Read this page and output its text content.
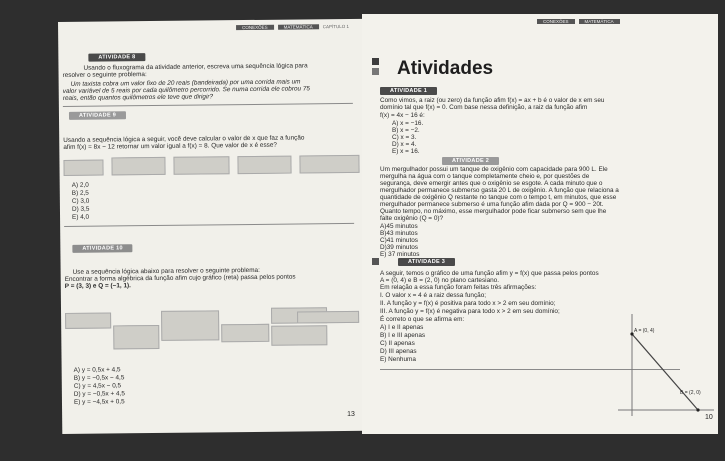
CONEXÕES	MATEMÁTICA CAPÍTULO 1
ATIVIDADE 8
Usando o fluxograma da atividade anterior, escreva uma sequência lógica para
resolver o seguinte problema:
Um taxista cobra um valor fixo de 20 reais (bandeirada) por uma corrida mais um
valor variável de 5 reais por cada quilômetro percorrido. Se numa corrida ele cobrou 75
reais, então quantos quilômetros ele teve que dirigir?
ATIVIDADE 9
Usando a sequência lógica a seguir, você deve calcular o valor de x que faz a função
afim f(x) = 8x − 12 retornar um valor igual a f(x) = 8. Que valor de x é esse?
A) 2,0
B) 2,5
C) 3,0
D) 3,5
E) 4,0
ATIVIDADE 10
Use a sequência lógica abaixo para resolver o seguinte problema:
Encontrar a forma algébrica da função afim cujo gráfico (reta) passa pelos pontos
P = (3, 3) e Q = (−1, 1).
A) y = 0,5x + 4,5
B) y = −0,5x − 4,5
C) y = 4,5x − 0,5
D) y = −0,5x + 4,5
E) y = −4,5x + 0,5
13
CONEXÕES	MATEMÁTICA
Atividades
ATIVIDADE 1
Como vimos, a raiz (ou zero) da função afim f(x) = ax + b é o valor de x em seu
domínio tal que f(x) = 0. Com base nessa definição, a raiz da função afim
f(x) = 4x − 16 é:
A) x = −16.
B) x = −2.
C) x = 3.
D) x = 4.
E) x = 16.
ATIVIDADE 2
Um mergulhador possui um tanque de oxigênio com capacidade para 900 L. Ele
mergulha na água com o tanque completamente cheio e, por questões de
segurança, deve emergir antes que o oxigênio se esgote. A cada minuto que o
mergulhador permanece submerso gasta 20 L de oxigênio. A função que relaciona a
quantidade de oxigênio Q restante no tanque com o tempo t, em minutos, que esse
mergulhador permanece submerso é uma função afim dada por Q = 900 − 20t.
Quanto tempo, no máximo, esse mergulhador pode ficar submerso sem que lhe
falte oxigênio (Q = 0)?
A)45 minutos
B)43 minutos
C)41 minutos
D)39 minutos
E) 37 minutos
ATIVIDADE 3
A seguir, temos o gráfico de uma função afim y = f(x) que passa pelos pontos
A = (0, 4) e B = (2, 0) no plano cartesiano.
Em relação a essa função foram feitas três afirmações:
I. O valor x = 4 é a raiz dessa função;
II. A função y = f(x) é positiva para todo x > 2 em seu domínio;
III. A função y = f(x) é negativa para todo x > 2 em seu domínio;
É correto o que se afirma em:
A) I e II apenas
B) I e III apenas
C) II apenas
D) III apenas
E) Nenhuma
A = (0, 4)
B = (2, 0)
10
